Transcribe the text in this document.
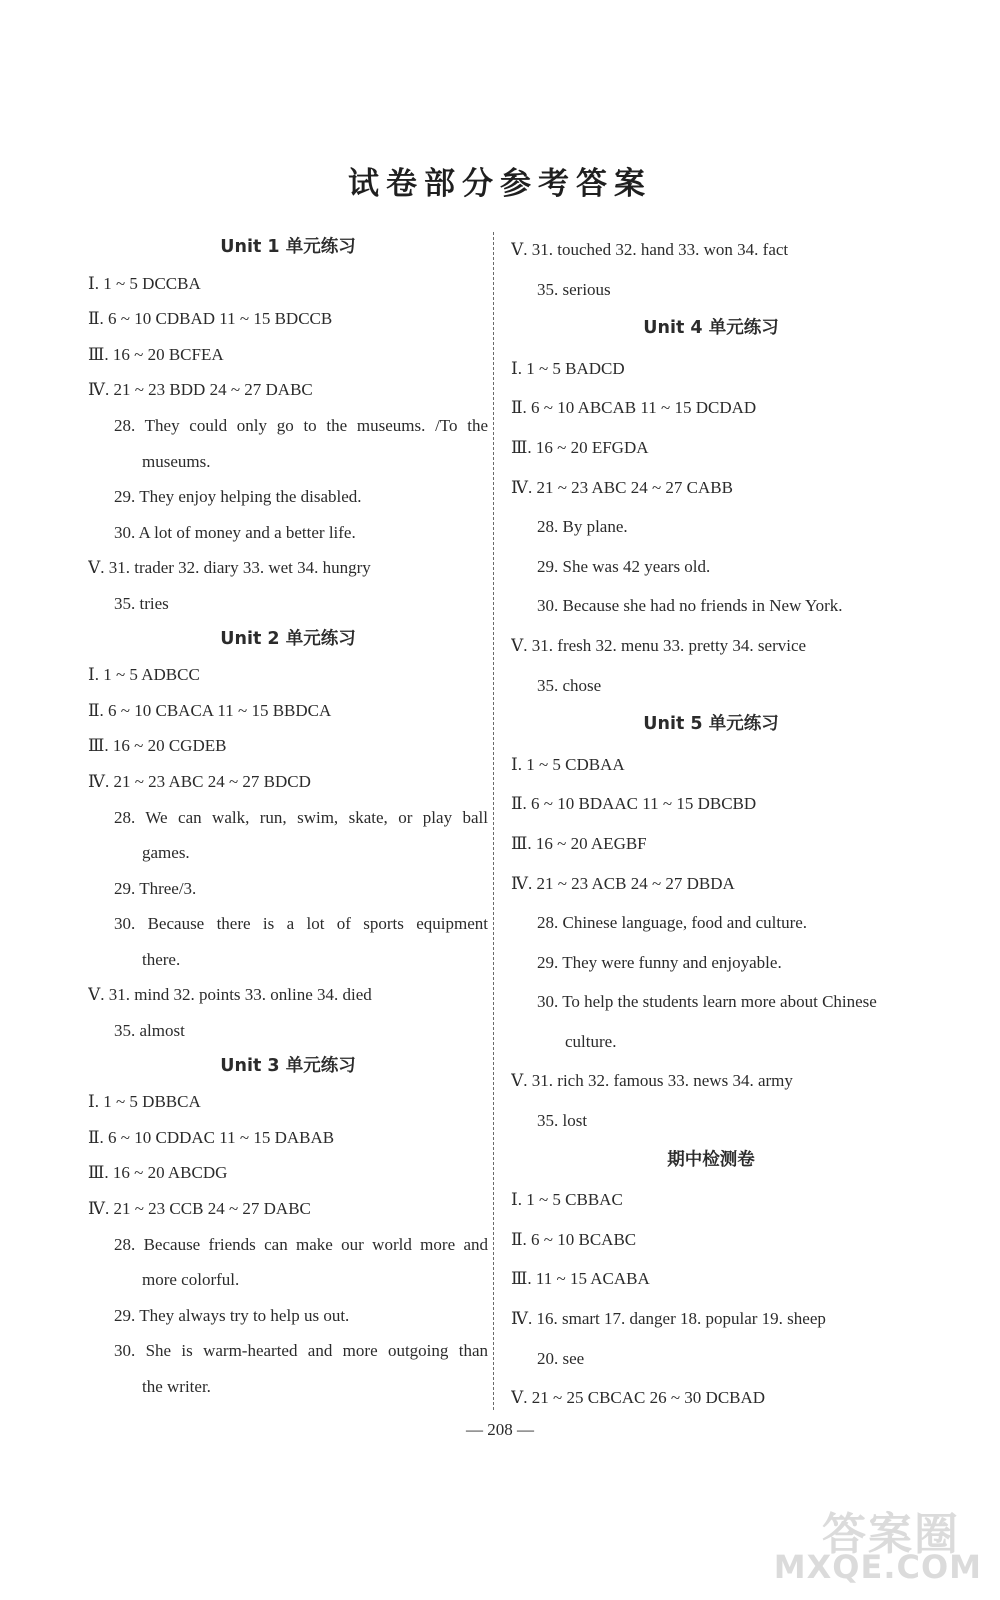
试卷部分参考答案
Unit 1 单元练习
Ⅰ. 1 ~ 5 DCCBA
Ⅱ. 6 ~ 10 CDBAD 11 ~ 15 BDCCB
Ⅲ. 16 ~ 20 BCFEA
Ⅳ. 21 ~ 23 BDD 24 ~ 27 DABC
28. They could only go to the museums. /To the
museums.
29. They enjoy helping the disabled.
30. A lot of money and a better life.
Ⅴ. 31. trader 32. diary 33. wet 34. hungry
35. tries
Unit 2 单元练习
Ⅰ. 1 ~ 5 ADBCC
Ⅱ. 6 ~ 10 CBACA 11 ~ 15 BBDCA
Ⅲ. 16 ~ 20 CGDEB
Ⅳ. 21 ~ 23 ABC 24 ~ 27 BDCD
28. We can walk, run, swim, skate, or play ball
games.
29. Three/3.
30. Because there is a lot of sports equipment
there.
Ⅴ. 31. mind 32. points 33. online 34. died
35. almost
Unit 3 单元练习
Ⅰ. 1 ~ 5 DBBCA
Ⅱ. 6 ~ 10 CDDAC 11 ~ 15 DABAB
Ⅲ. 16 ~ 20 ABCDG
Ⅳ. 21 ~ 23 CCB 24 ~ 27 DABC
28. Because friends can make our world more and
more colorful.
29. They always try to help us out.
30. She is warm-hearted and more outgoing than
the writer.
Ⅴ. 31. touched 32. hand 33. won 34. fact
35. serious
Unit 4 单元练习
Ⅰ. 1 ~ 5 BADCD
Ⅱ. 6 ~ 10 ABCAB 11 ~ 15 DCDAD
Ⅲ. 16 ~ 20 EFGDA
Ⅳ. 21 ~ 23 ABC 24 ~ 27 CABB
28. By plane.
29. She was 42 years old.
30. Because she had no friends in New York.
Ⅴ. 31. fresh 32. menu 33. pretty 34. service
35. chose
Unit 5 单元练习
Ⅰ. 1 ~ 5 CDBAA
Ⅱ. 6 ~ 10 BDAAC 11 ~ 15 DBCBD
Ⅲ. 16 ~ 20 AEGBF
Ⅳ. 21 ~ 23 ACB 24 ~ 27 DBDA
28. Chinese language, food and culture.
29. They were funny and enjoyable.
30. To help the students learn more about Chinese
culture.
Ⅴ. 31. rich 32. famous 33. news 34. army
35. lost
期中检测卷
Ⅰ. 1 ~ 5 CBBAC
Ⅱ. 6 ~ 10 BCABC
Ⅲ. 11 ~ 15 ACABA
Ⅳ. 16. smart 17. danger 18. popular 19. sheep
20. see
Ⅴ. 21 ~ 25 CBCAC 26 ~ 30 DCBAD
— 208 —
答案圈
MXQE.COM
